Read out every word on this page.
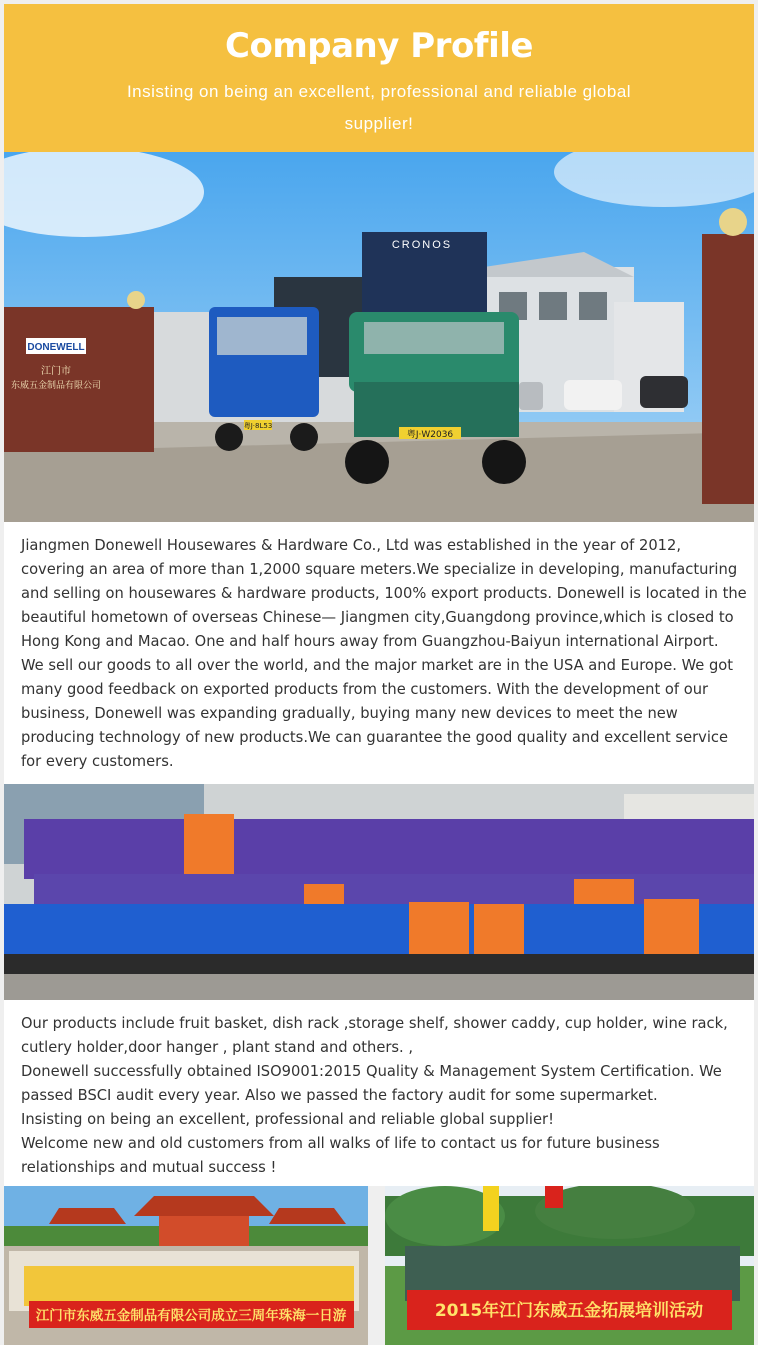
Company Profile
Insisting on being an excellent, professional and reliable global supplier!
DONEWELL
江门市
东威五金制品有限公司
粤J·8L53
CRONOS
粤J·W2036

Jiangmen Donewell Housewares & Hardware Co., Ltd was established in the year of 2012, covering an area of more than 1,2000 square meters.We specialize in developing, manufacturing and selling on housewares & hardware products, 100% export products. Donewell is located in the beautiful hometown of overseas Chinese— Jiangmen city,Guangdong province,which is closed to Hong Kong and Macao. One and half hours away from Guangzhou-Baiyun international Airport.

We sell our goods to all over the world, and the major market are in the USA and Europe. We got many good feedback on exported products from the customers. With the development of our business, Donewell was expanding gradually, buying many new devices to meet the new producing technology of new products.We can guarantee the good quality and excellent service for every customers.

Our products include fruit basket, dish rack ,storage shelf, shower caddy, cup holder, wine rack, cutlery holder,door hanger , plant stand and others. ,

Donewell successfully obtained ISO9001:2015 Quality & Management System Certification. We passed BSCI audit every year. Also we passed the factory audit for some supermarket.

Insisting on being an excellent, professional and reliable global supplier!

Welcome new and old customers from all walks of life to contact us for future business relationships and mutual success !

江门市东威五金制品有限公司成立三周年珠海一日游	2015年江门东威五金拓展培训活动
